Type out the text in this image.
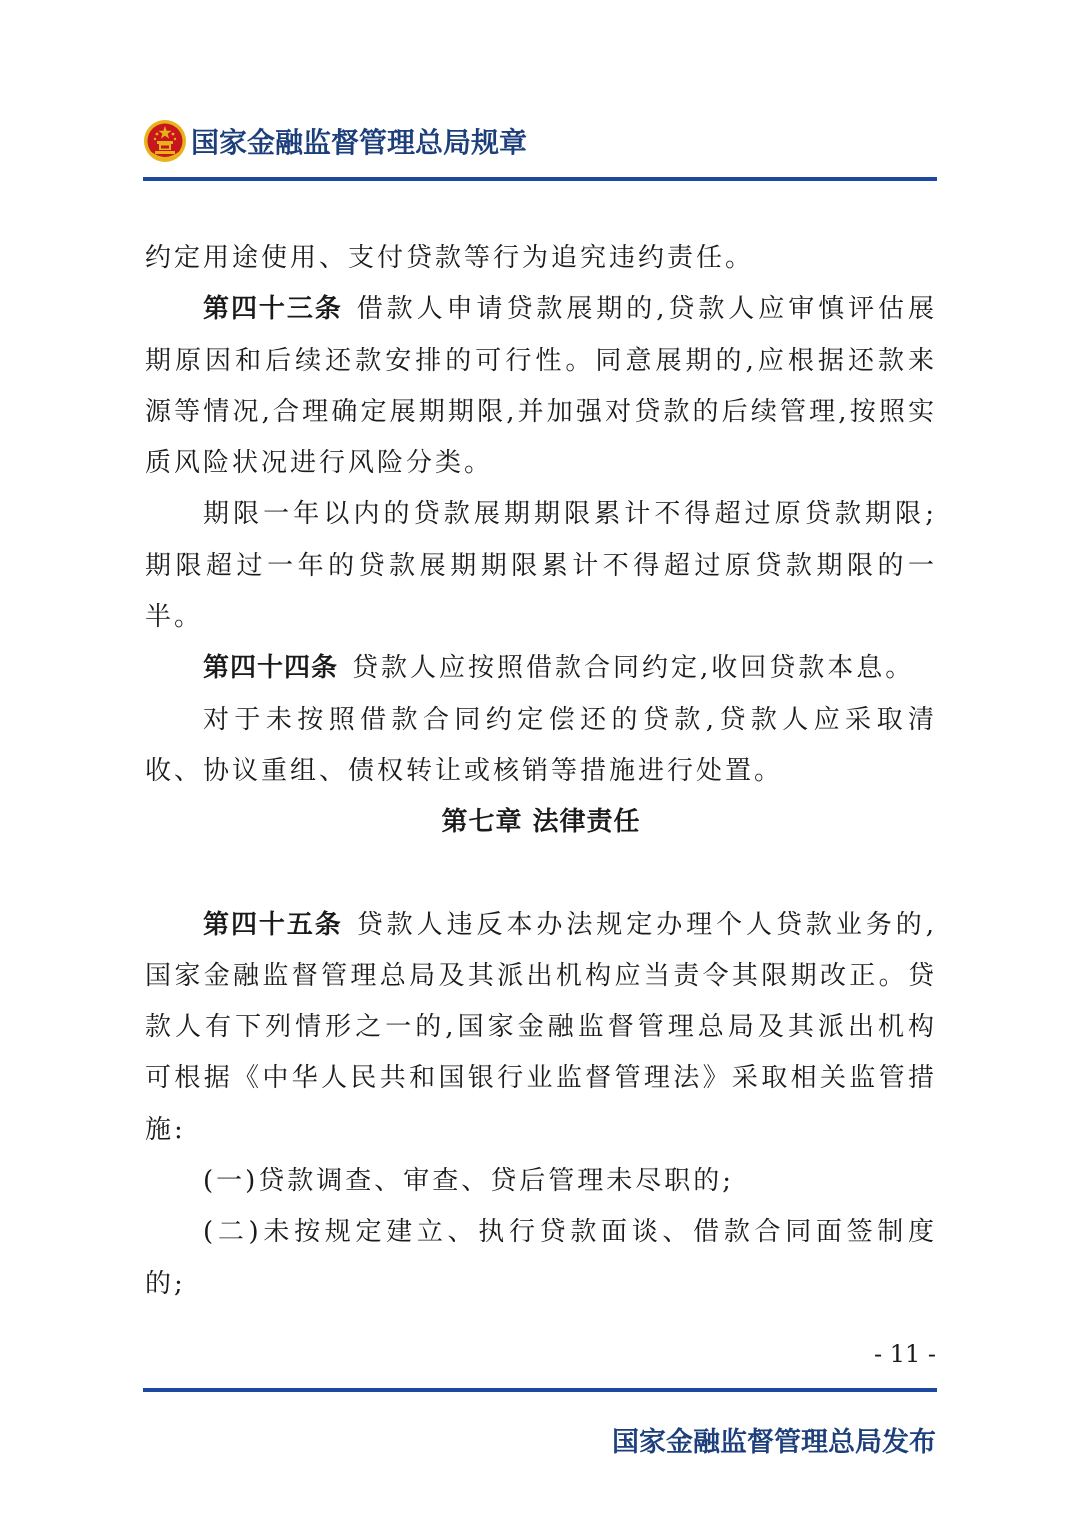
国家金融监督管理总局规章

约定用途使用、支付贷款等行为追究违约责任。

第四十三条 借款人申请贷款展期的,贷款人应审慎评估展期原因和后续还款安排的可行性。同意展期的,应根据还款来源等情况,合理确定展期期限,并加强对贷款的后续管理,按照实质风险状况进行风险分类。

期限一年以内的贷款展期期限累计不得超过原贷款期限;期限超过一年的贷款展期期限累计不得超过原贷款期限的一半。

第四十四条 贷款人应按照借款合同约定,收回贷款本息。

对于未按照借款合同约定偿还的贷款,贷款人应采取清收、协议重组、债权转让或核销等措施进行处置。

第七章 法律责任

第四十五条 贷款人违反本办法规定办理个人贷款业务的,国家金融监督管理总局及其派出机构应当责令其限期改正。贷款人有下列情形之一的,国家金融监督管理总局及其派出机构可根据《中华人民共和国银行业监督管理法》采取相关监管措施:

(一)贷款调查、审查、贷后管理未尽职的;

(二)未按规定建立、执行贷款面谈、借款合同面签制度的;

- 11 -
国家金融监督管理总局发布
